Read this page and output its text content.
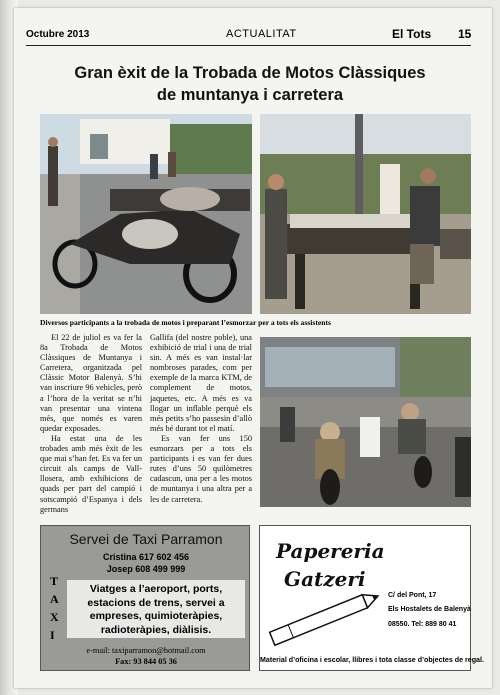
Octubre 2013	ACTUALITAT	El Tots 15
Gran èxit de la Trobada de Motos Clàssiques
de muntanya i carretera
Diversos participants a la trobada de motos i preparant l’esmorzar per a tots els assistents

El 22 de juliol es va fer la 8a Trobada de Motos Clàssiques de Muntanya i Carretera, organitzada pel Clàssic Motor Balenyà. S’hi van inscriure 96 vehicles, però a l’hora de la veritat se n’hi van presentar una vintena més, que només es varen quedar exposades.

Ha estat una de les trobades amb més èxit de les que mai s’han fet. Es va fer un circuit als camps de Vall-llosera, amb exhibicions de quads per part del campió i sotscampió d’Espanya i dels germans

Gallifa (del nostre poble), una exhibició de trial i una de trial sin. A més es van instal·lar nombroses parades, com per exemple de la marca KTM, de complement de motos, jaquetes, etc. A més es va llogar un inflable perquè els més petits s’ho passesin d’allò més bé durant tot el matí.

Es van fer uns 150 esmorzars per a tots els participants i es van fer dues rutes d’uns 50 quilòmetres cadascun, una per a les motos de muntanya i una altra per a les de carretera.

Servei de Taxi Parramon
Cristina 617 602 456
Josep 608 499 999
T
A
X
I
Viatges a l’aeroport, ports,
estacions de trens, servei a
empreses, quimioteràpies,
radioteràpies, diàlisis.
e-mail: taxiparramon@hotmail.com
Fax: 93 844 05 36
Papereria
Gatzeri
C/ del Pont, 17
Els Hostalets de Balenyà
08550. Tel: 889 80 41
Material d’oficina i escolar, llibres i tota classe d’objectes de regal.
